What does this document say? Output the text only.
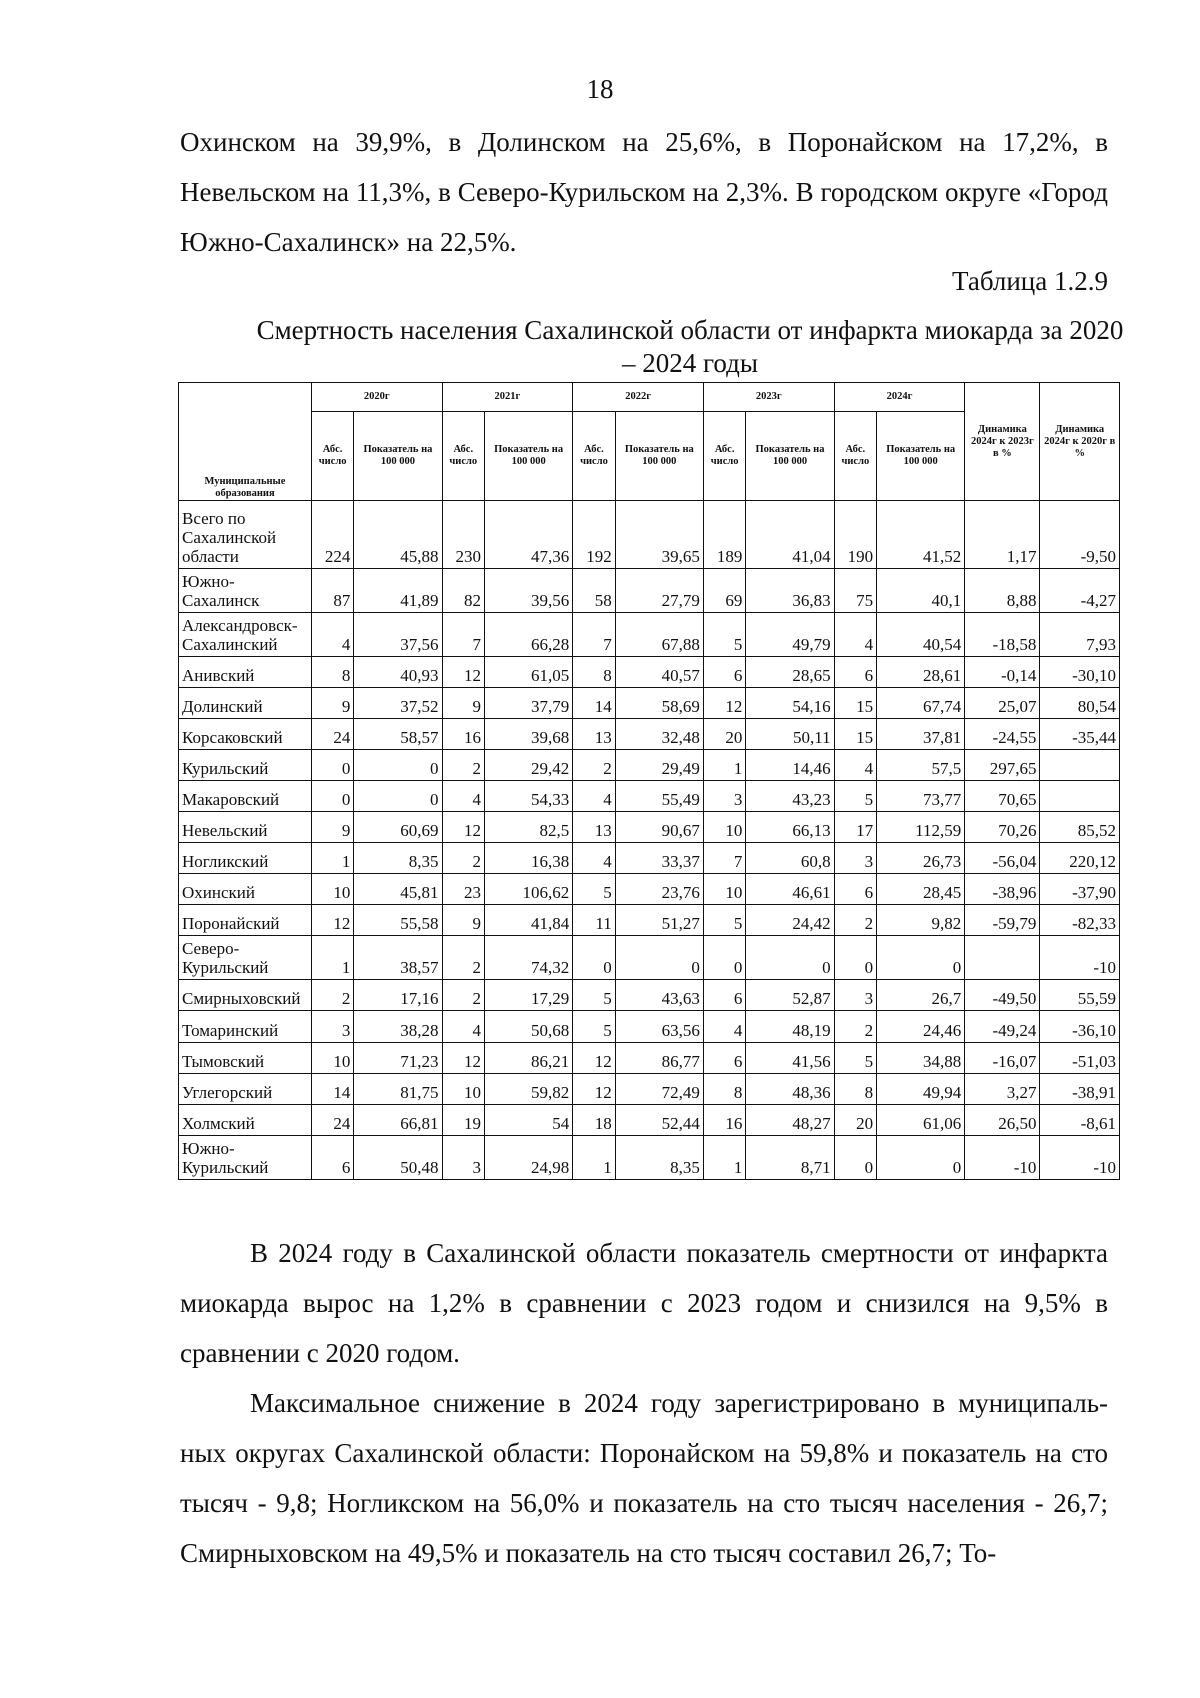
18

Охинском на 39,9%, в Долинском на 25,6%, в Поронайском на 17,2%, в Невельском на 11,3%, в Северо-Курильском на 2,3%. В городском округе «Город Южно-Сахалинск» на 22,5%.

Таблица 1.2.9
Смертность населения Сахалинской области от инфаркта миокарда за 2020 – 2024 годы
Муниципальные образования	2020г		2021г		2022г		2023г		2024г		Динамика 2024г к 2023г в %	Динамика 2024г к 2020г в %
	Абс. число	Показатель на 100 000	Абс. число	Показатель на 100 000	Абс. число	Показатель на 100 000	Абс. число	Показатель на 100 000	Абс. число	Показатель на 100 000		
Всего по Сахалинской области	224	45,88	230	47,36	192	39,65	189	41,04	190	41,52	1,17	-9,50
Южно-Сахалинск	87	41,89	82	39,56	58	27,79	69	36,83	75	40,1	8,88	-4,27
Александровск-Сахалинский	4	37,56	7	66,28	7	67,88	5	49,79	4	40,54	-18,58	7,93
Анивский	8	40,93	12	61,05	8	40,57	6	28,65	6	28,61	-0,14	-30,10
Долинский	9	37,52	9	37,79	14	58,69	12	54,16	15	67,74	25,07	80,54
Корсаковский	24	58,57	16	39,68	13	32,48	20	50,11	15	37,81	-24,55	-35,44
Курильский	0	0	2	29,42	2	29,49	1	14,46	4	57,5	297,65	
Макаровский	0	0	4	54,33	4	55,49	3	43,23	5	73,77	70,65	
Невельский	9	60,69	12	82,5	13	90,67	10	66,13	17	112,59	70,26	85,52
Ногликский	1	8,35	2	16,38	4	33,37	7	60,8	3	26,73	-56,04	220,12
Охинский	10	45,81	23	106,62	5	23,76	10	46,61	6	28,45	-38,96	-37,90
Поронайский	12	55,58	9	41,84	11	51,27	5	24,42	2	9,82	-59,79	-82,33
Северо-Курильский	1	38,57	2	74,32	0	0	0	0	0	0		-10
Смирныховский	2	17,16	2	17,29	5	43,63	6	52,87	3	26,7	-49,50	55,59
Томаринский	3	38,28	4	50,68	5	63,56	4	48,19	2	24,46	-49,24	-36,10
Тымовский	10	71,23	12	86,21	12	86,77	6	41,56	5	34,88	-16,07	-51,03
Углегорский	14	81,75	10	59,82	12	72,49	8	48,36	8	49,94	3,27	-38,91
Холмский	24	66,81	19	54	18	52,44	16	48,27	20	61,06	26,50	-8,61
Южно-Курильский	6	50,48	3	24,98	1	8,35	1	8,71	0	0	-10	-10

В 2024 году в Сахалинской области показатель смертности от инфаркта миокарда вырос на 1,2% в сравнении с 2023 годом и снизился на 9,5% в сравнении с 2020 годом.

Максимальное снижение в 2024 году зарегистрировано в муниципаль-ных округах Сахалинской области: Поронайском на 59,8% и показатель на сто тысяч - 9,8; Ногликском на 56,0% и показатель на сто тысяч населения - 26,7; Смирныховском на 49,5% и показатель на сто тысяч составил 26,7; То-
